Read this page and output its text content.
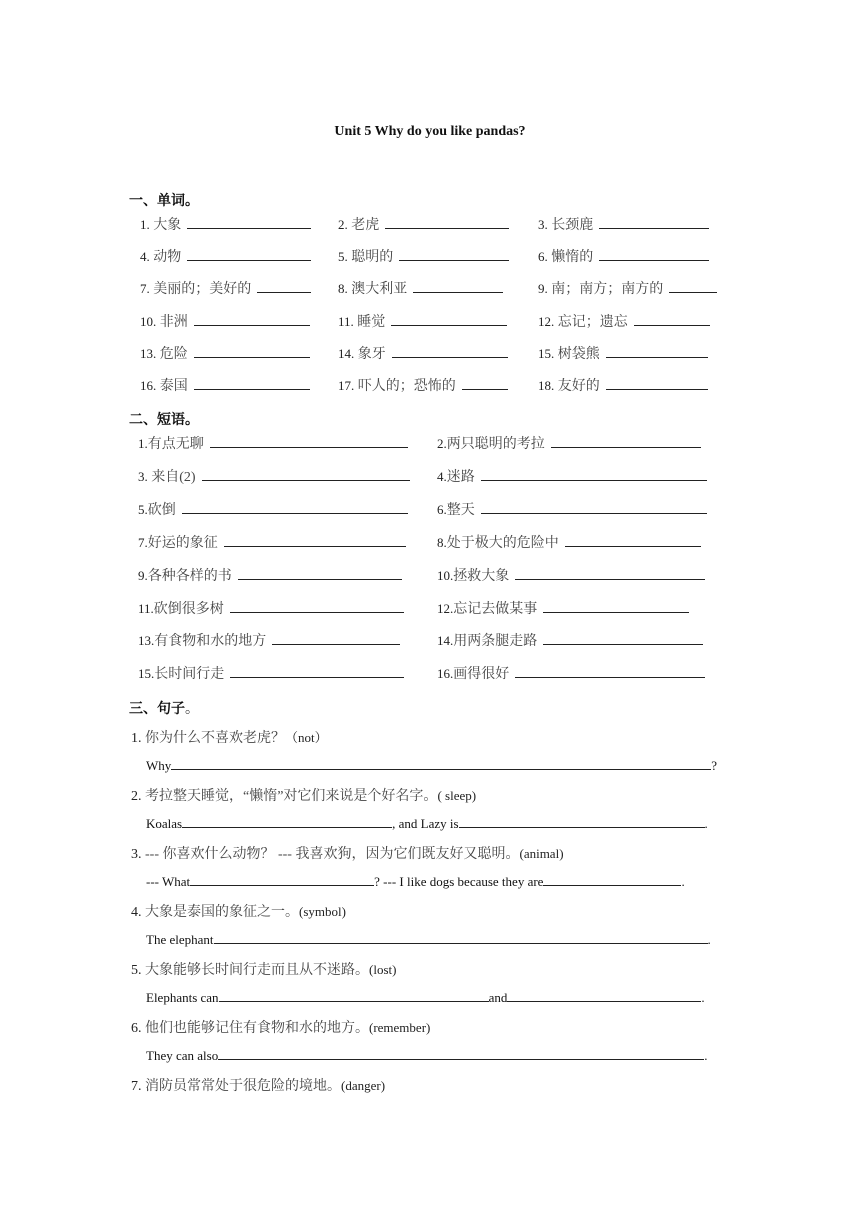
Unit 5 Why do you like pandas?
一、单词。
1. 大象	2. 老虎	3. 长颈鹿
4. 动物	5. 聪明的	6. 懒惰的
7. 美丽的；美好的	8. 澳大利亚	9. 南；南方；南方的
10. 非洲	11. 睡觉	12. 忘记；遗忘
13. 危险	14. 象牙	15. 树袋熊
16. 泰国	17. 吓人的；恐怖的	18. 友好的
二、短语。
1.有点无聊	2.两只聪明的考拉
3. 来自(2)	4.迷路
5.砍倒	6.整天
7.好运的象征	8.处于极大的危险中
9.各种各样的书	10.拯救大象
11.砍倒很多树	12.忘记去做某事
13.有食物和水的地方	14.用两条腿走路
15.长时间行走	16.画得很好
三、句子。
1. 你为什么不喜欢老虎？（not）
Why	?
2. 考拉整天睡觉，“懒惰”对它们来说是个好名字。( sleep)
Koalas	, and Lazy is	.
3. --- 你喜欢什么动物？ --- 我喜欢狗，因为它们既友好又聪明。(animal)
--- What	? --- I like dogs because they are	.
4. 大象是泰国的象征之一。(symbol)
The elephant	.
5. 大象能够长时间行走而且从不迷路。(lost)
Elephants can	and	.
6. 他们也能够记住有食物和水的地方。(remember)
They can also	.
7. 消防员常常处于很危险的境地。(danger)
